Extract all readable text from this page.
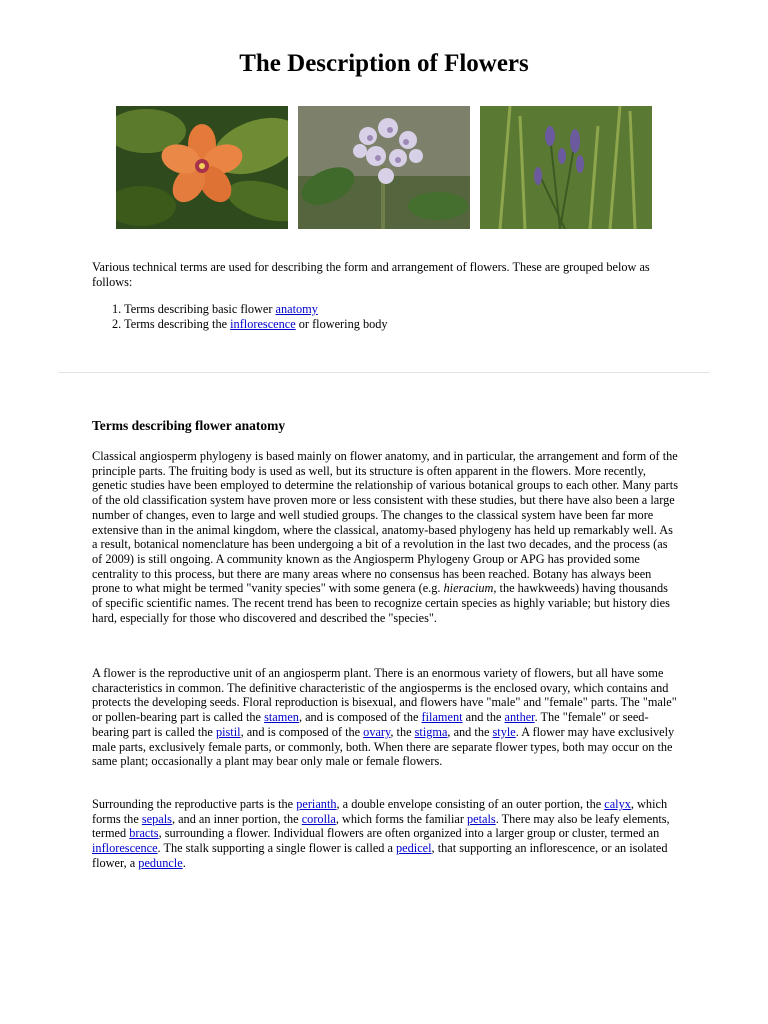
The Description of Flowers
Various technical terms are used for describing the form and arrangement of flowers. These are grouped below as follows:
1. Terms describing basic flower anatomy
2. Terms describing the inflorescence or flowering body
Terms describing flower anatomy

Classical angiosperm phylogeny is based mainly on flower anatomy, and in particular, the arrangement and form of the principle parts. The fruiting body is used as well, but its structure is often apparent in the flowers. More recently, genetic studies have been employed to determine the relationship of various botanical groups to each other. Many parts of the old classification system have proven more or less consistent with these studies, but there have also been a large number of changes, even to large and well studied groups. The changes to the classical system have been far more extensive than in the animal kingdom, where the classical, anatomy-based phylogeny has held up remarkably well. As a result, botanical nomenclature has been undergoing a bit of a revolution in the last two decades, and the process (as of 2009) is still ongoing. A community known as the Angiosperm Phylogeny Group or APG has provided some centrality to this process, but there are many areas where no consensus has been reached. Botany has always been prone to what might be termed "vanity species" with some genera (e.g. hieracium, the hawkweeds) having thousands of specific scientific names. The recent trend has been to recognize certain species as highly variable; but history dies hard, especially for those who discovered and described the "species".

A flower is the reproductive unit of an angiosperm plant. There is an enormous variety of flowers, but all have some characteristics in common. The definitive characteristic of the angiosperms is the enclosed ovary, which contains and protects the developing seeds. Floral reproduction is bisexual, and flowers have "male" and "female" parts. The "male" or pollen-bearing part is called the stamen, and is composed of the filament and the anther. The "female" or seed-bearing part is called the pistil, and is composed of the ovary, the stigma, and the style. A flower may have exclusively male parts, exclusively female parts, or commonly, both. When there are separate flower types, both may occur on the same plant; occasionally a plant may bear only male or female flowers.

Surrounding the reproductive parts is the perianth, a double envelope consisting of an outer portion, the calyx, which forms the sepals, and an inner portion, the corolla, which forms the familiar petals. There may also be leafy elements, termed bracts, surrounding a flower. Individual flowers are often organized into a larger group or cluster, termed an inflorescence. The stalk supporting a single flower is called a pedicel, that supporting an inflorescence, or an isolated flower, a peduncle.
